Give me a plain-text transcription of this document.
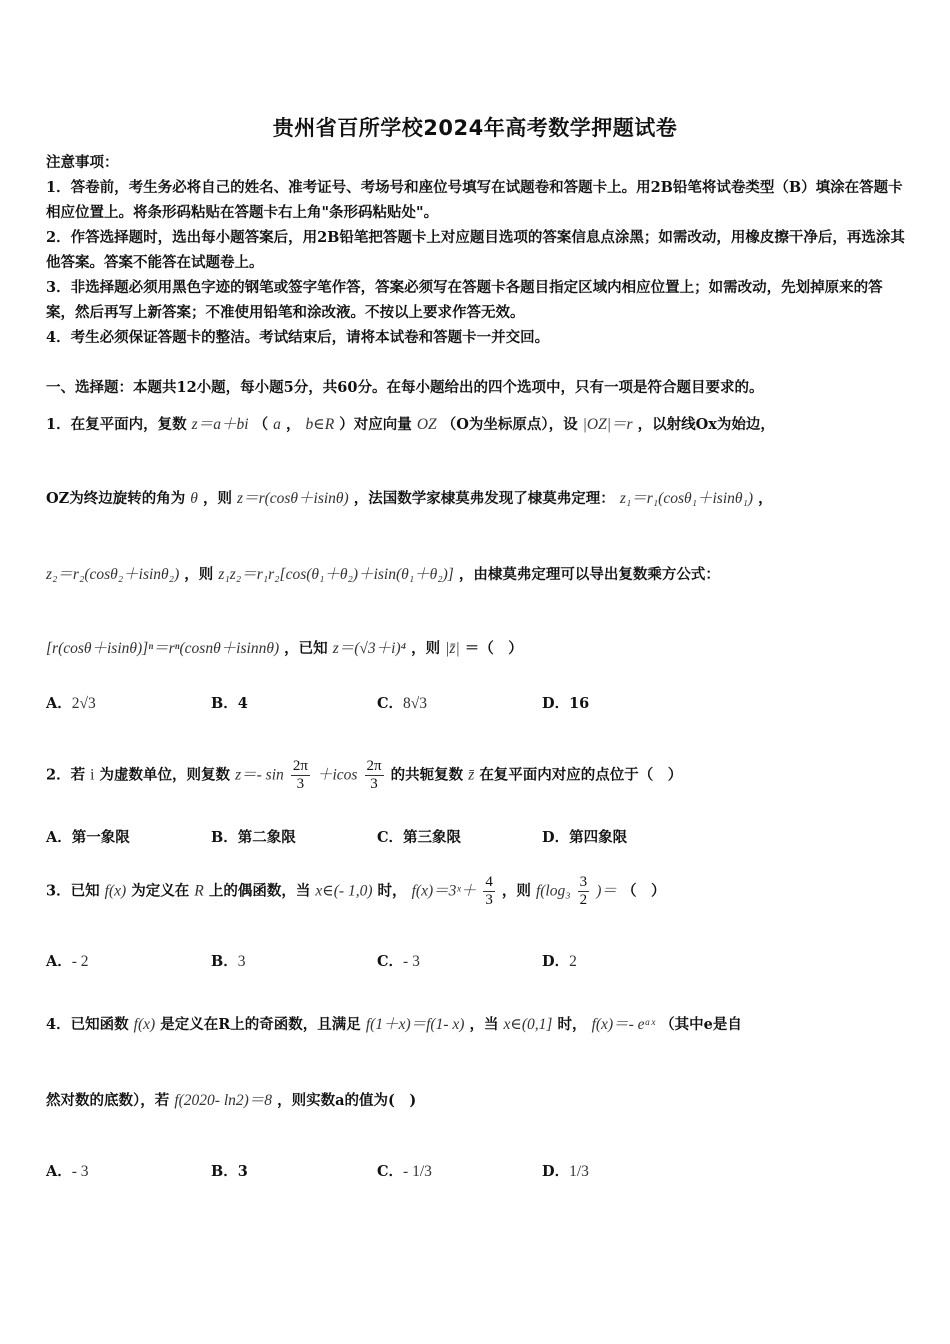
贵州省百所学校2024年高考数学押题试卷
注意事项：
1．答卷前，考生务必将自己的姓名、准考证号、考场号和座位号填写在试题卷和答题卡上。用2B铅笔将试卷类型（B）填涂在答题卡相应位置上。将条形码粘贴在答题卡右上角"条形码粘贴处"。
2．作答选择题时，选出每小题答案后，用2B铅笔把答题卡上对应题目选项的答案信息点涂黑；如需改动，用橡皮擦干净后，再选涂其他答案。答案不能答在试题卷上。
3．非选择题必须用黑色字迹的钢笔或签字笔作答，答案必须写在答题卡各题目指定区域内相应位置上；如需改动，先划掉原来的答案，然后再写上新答案；不准使用铅笔和涂改液。不按以上要求作答无效。
4．考生必须保证答题卡的整洁。考试结束后，请将本试卷和答题卡一并交回。
一、选择题：本题共12小题，每小题5分，共60分。在每小题给出的四个选项中，只有一项是符合题目要求的。
1．在复平面内，复数 z＝a＋bi （ a ， b∈R ）对应向量 OZ （O为坐标原点），设 |OZ|＝r ，以射线Ox为始边，
OZ为终边旋转的角为 θ ，则 z＝r(cosθ＋isinθ) ，法国数学家棣莫弗发现了棣莫弗定理： z₁＝r₁(cosθ₁＋isinθ₁) ，
z₂＝r₂(cosθ₂＋isinθ₂) ，则 z₁z₂＝r₁r₂[cos(θ₁＋θ₂)＋isin(θ₁＋θ₂)] ，由棣莫弗定理可以导出复数乘方公式：
[r(cosθ＋isinθ)]ⁿ＝rⁿ(cosnθ＋isinnθ) ，已知 z＝(√3＋i)⁴ ，则 |z̄| ＝（　）
A．2√3	B．4	C．8√3	D．16
2．若 i 为虚数单位，则复数 z＝- $\sin \frac{2\pi}{3} +icos \frac{2\pi}{3}$ 的共轭复数 z̄ 在复平面内对应的点位于（　）
A．第一象限	B．第二象限	C．第三象限	D．第四象限
3．已知 f(x) 为定义在 R 上的偶函数，当 x∈(- 1,0) 时， f(x)＝3ˣ＋ $\frac{4}{3}$ ，则 $f(\log_3 \frac{3}{2}$ )＝ （　）
A．- 2	B．3	C．- 3	D．2
4．已知函数 f(x) 是定义在R上的奇函数，且满足 f(1＋x)＝f(1- x) ，当 x∈(0,1] 时， f(x)＝- eᵃˣ （其中e是自
然对数的底数），若 f(2020- ln2)＝8 ，则实数a的值为(　)
A．- 3	B．3	C．- 1/3	D．1/3
